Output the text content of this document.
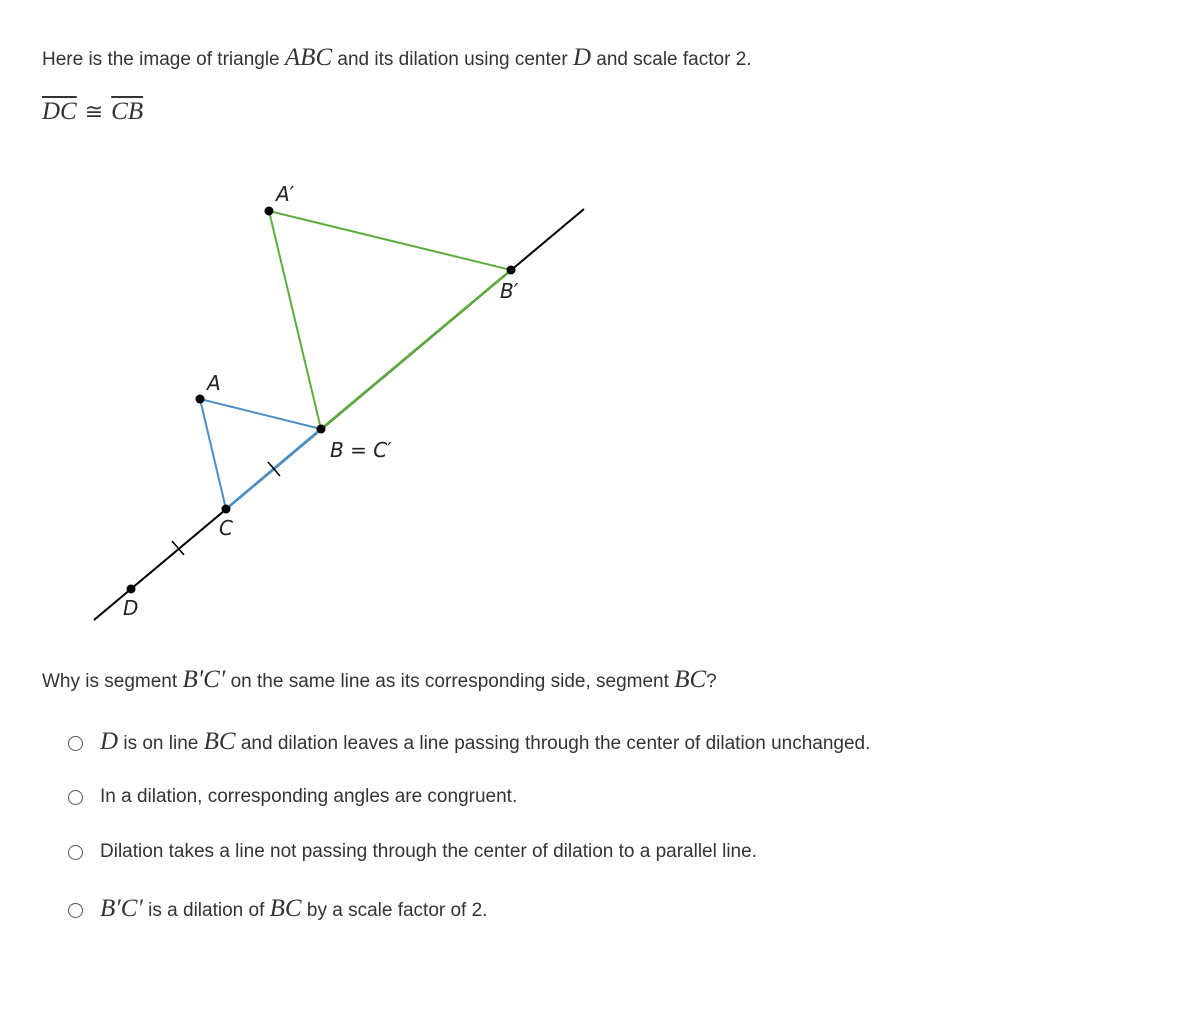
Here is the image of triangle ABC and its dilation using center D and scale factor 2.
$\overline{DC}$ ≅ $\overline{CB}$
A′
B′
A
B = C′
C
D
Why is segment B′C′ on the same line as its corresponding side, segment BC?
D is on line BC and dilation leaves a line passing through the center of dilation unchanged.
In a dilation, corresponding angles are congruent.
Dilation takes a line not passing through the center of dilation to a parallel line.
B′C′ is a dilation of BC by a scale factor of 2.
